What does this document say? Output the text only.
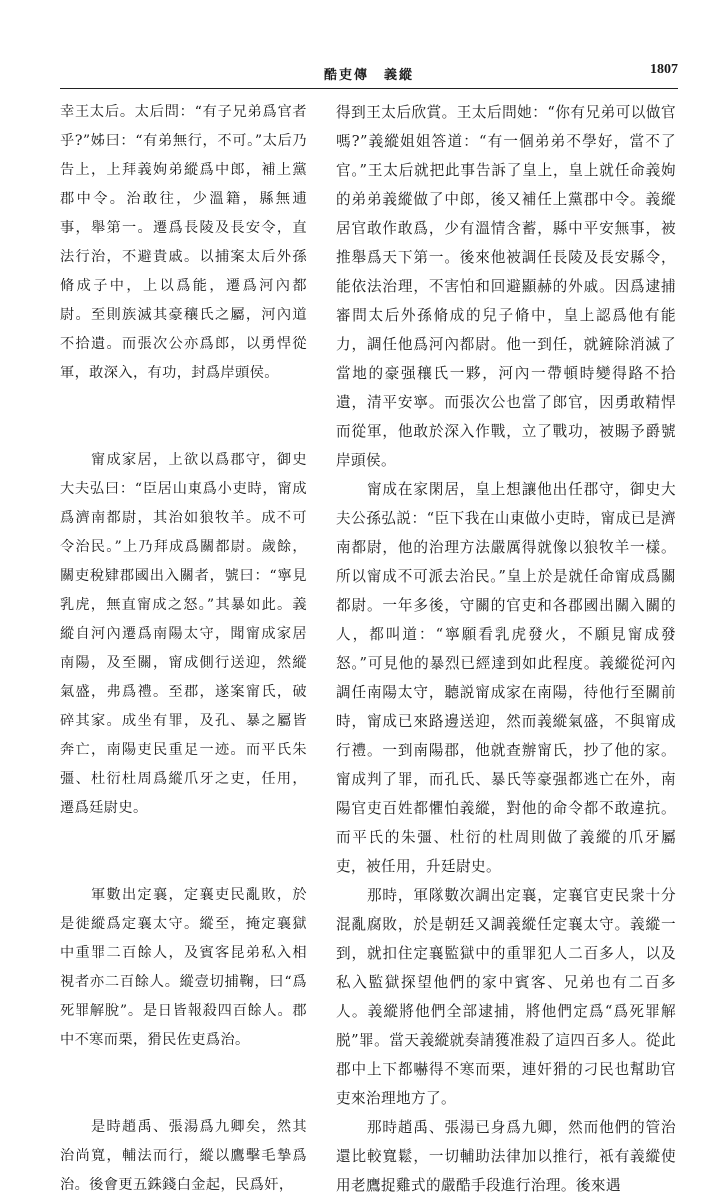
酷吏傳　義縱	1807

幸王太后。太后問：“有子兄弟爲官者乎?”姊曰：“有弟無行，不可。”太后乃告上，上拜義姁弟縱爲中郎，補上黨郡中令。治敢往，少溫籍，縣無逋事，舉第一。遷爲長陵及長安令，直法行治，不避貴戚。以捕案太后外孫脩成子中，上以爲能，遷爲河內都尉。至則族滅其豪穰氏之屬，河內道不拾遺。而張次公亦爲郎，以勇悍從軍，敢深入，有功，封爲岸頭侯。

　　甯成家居，上欲以爲郡守，御史大夫弘曰：“臣居山東爲小吏時，甯成爲濟南都尉，其治如狼牧羊。成不可令治民。”上乃拜成爲關都尉。歲餘，關吏稅肄郡國出入關者，號曰：“寧見乳虎，無直甯成之怒。”其暴如此。義縱自河內遷爲南陽太守，聞甯成家居南陽，及至關，甯成側行送迎，然縱氣盛，弗爲禮。至郡，遂案甯氏，破碎其家。成坐有罪，及孔、暴之屬皆奔亡，南陽吏民重足一迹。而平氏朱彊、杜衍杜周爲縱爪牙之吏，任用，遷爲廷尉史。

　　軍數出定襄，定襄吏民亂敗，於是徙縱爲定襄太守。縱至，掩定襄獄中重罪二百餘人，及賓客昆弟私入相視者亦二百餘人。縱壹切捕鞠，曰“爲死罪解脫”。是日皆報殺四百餘人。郡中不寒而栗，猾民佐吏爲治。

　　是時趙禹、張湯爲九卿矣，然其治尚寬，輔法而行，縱以鷹擊毛摯爲治。後會更五銖錢白金起，民爲奸，

得到王太后欣賞。王太后問她：“你有兄弟可以做官嗎?”義縱姐姐答道：“有一個弟弟不學好，當不了官。”王太后就把此事告訴了皇上，皇上就任命義姁的弟弟義縱做了中郎，後又補任上黨郡中令。義縱居官敢作敢爲，少有溫情含蓄，縣中平安無事，被推舉爲天下第一。後來他被調任長陵及長安縣令，能依法治理，不害怕和回避顯赫的外戚。因爲逮捕審問太后外孫脩成的兒子脩中，皇上認爲他有能力，調任他爲河內都尉。他一到任，就鏟除消滅了當地的豪强穰氏一夥，河內一帶頓時變得路不拾遺，清平安寧。而張次公也當了郎官，因勇敢精悍而從軍，他敢於深入作戰，立了戰功，被賜予爵號岸頭侯。

　　甯成在家閑居，皇上想讓他出任郡守，御史大夫公孫弘説：“臣下我在山東做小吏時，甯成已是濟南都尉，他的治理方法嚴厲得就像以狼牧羊一樣。所以甯成不可派去治民。”皇上於是就任命甯成爲關都尉。一年多後，守關的官吏和各郡國出關入關的人，都叫道：“寧願看乳虎發火，不願見甯成發怒。”可見他的暴烈已經達到如此程度。義縱從河內調任南陽太守，聽説甯成家在南陽，待他行至關前時，甯成已來路邊送迎，然而義縱氣盛，不與甯成行禮。一到南陽郡，他就查辦甯氏，抄了他的家。甯成判了罪，而孔氏、暴氏等豪强都逃亡在外，南陽官吏百姓都懼怕義縱，對他的命令都不敢違抗。而平氏的朱彊、杜衍的杜周則做了義縱的爪牙屬吏，被任用，升廷尉史。

　　那時，軍隊數次調出定襄，定襄官吏民衆十分混亂腐敗，於是朝廷又調義縱任定襄太守。義縱一到，就扣住定襄監獄中的重罪犯人二百多人，以及私入監獄探望他們的家中賓客、兄弟也有二百多人。義縱將他們全部逮捕，將他們定爲“爲死罪解脱”罪。當天義縱就奏請獲准殺了這四百多人。從此郡中上下都嚇得不寒而栗，連奸猾的刁民也幫助官吏來治理地方了。

　　那時趙禹、張湯已身爲九卿，然而他們的管治還比較寬鬆，一切輔助法律加以推行，祇有義縱使用老鷹捉雞式的嚴酷手段進行治理。後來遇
